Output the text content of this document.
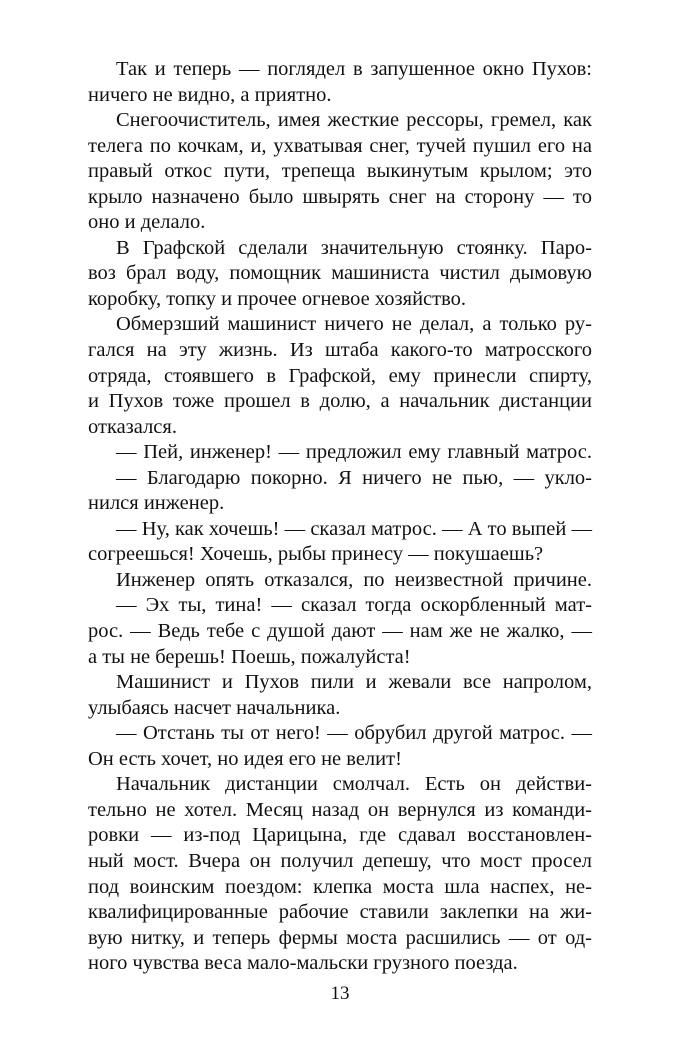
Так и теперь — поглядел в запушенное окно Пухов:
ничего не видно, а приятно.
Снегоочиститель, имея жесткие рессоры, гремел, как
телега по кочкам, и, ухватывая снег, тучей пушил его на
правый откос пути, трепеща выкинутым крылом; это
крыло назначено было швырять снег на сторону — то
оно и делало.
В Графской сделали значительную стоянку. Паро-
воз брал воду, помощник машиниста чистил дымовую
коробку, топку и прочее огневое хозяйство.
Обмерзший машинист ничего не делал, а только ру-
гался на эту жизнь. Из штаба какого-то матросского
отряда, стоявшего в Графской, ему принесли спирту,
и Пухов тоже прошел в долю, а начальник дистанции
отказался.
— Пей, инженер! — предложил ему главный матрос.
— Благодарю покорно. Я ничего не пью, — укло-
нился инженер.
— Ну, как хочешь! — сказал матрос. — А то выпей —
согреешься! Хочешь, рыбы принесу — покушаешь?
Инженер опять отказался, по неизвестной причине.
— Эх ты, тина! — сказал тогда оскорбленный мат-
рос. — Ведь тебе с душой дают — нам же не жалко, —
а ты не берешь! Поешь, пожалуйста!
Машинист и Пухов пили и жевали все напролом,
улыбаясь насчет начальника.
— Отстань ты от него! — обрубил другой матрос. —
Он есть хочет, но идея его не велит!
Начальник дистанции смолчал. Есть он действи-
тельно не хотел. Месяц назад он вернулся из команди-
ровки — из-под Царицына, где сдавал восстановлен-
ный мост. Вчера он получил депешу, что мост просел
под воинским поездом: клепка моста шла наспех, не-
квалифицированные рабочие ставили заклепки на жи-
вую нитку, и теперь фермы моста расшились — от од-
ного чувства веса мало-мальски грузного поезда.
13
